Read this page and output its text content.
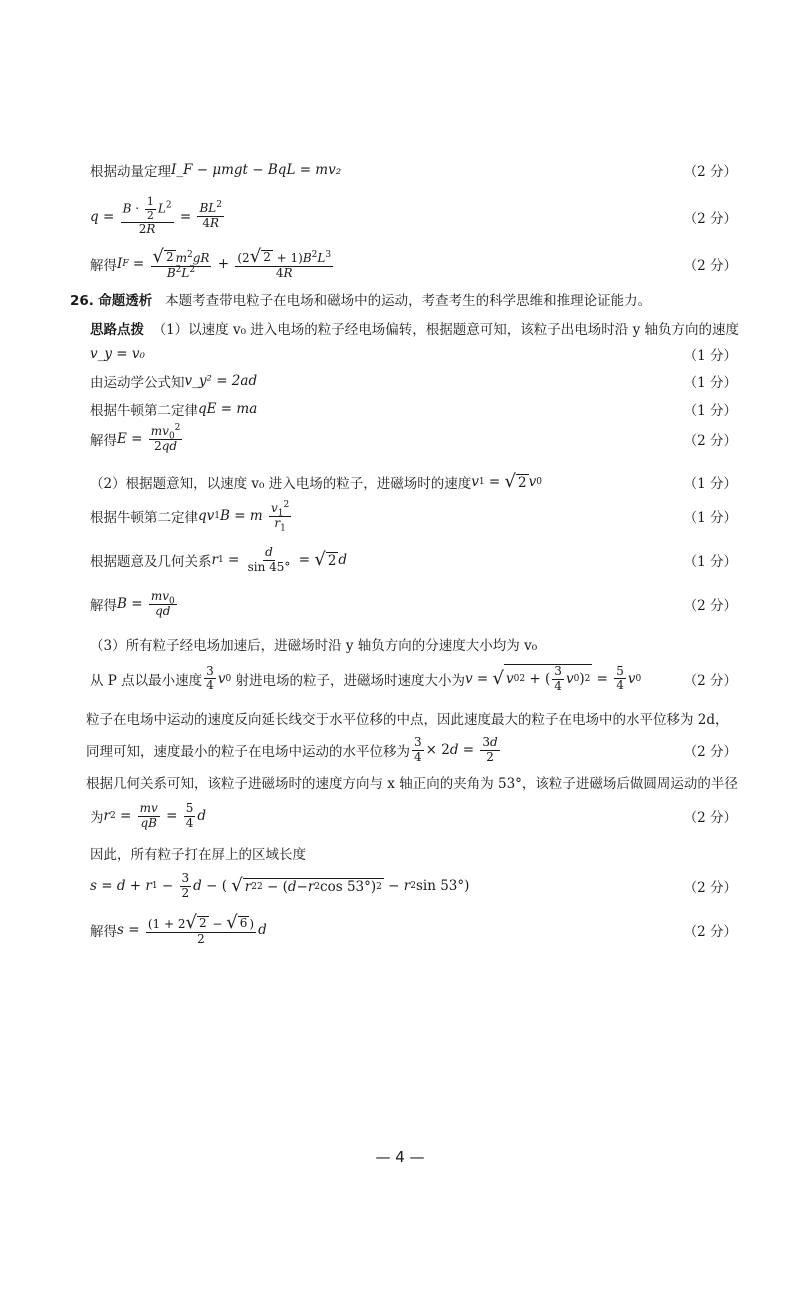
根据动量定理 I_F − μmgt − BqL = mv₂	（2 分）
$q = \frac{B \cdot \frac{1}{2} L^2}{2R} = \frac{BL^2}{4R}$	（2 分）
解得 I $F = \frac{√ 2 m^2gR}{B^2L^2} + \frac{(2 √ 2 + 1)B^2L^3}{4R}$	（2 分）
26. 命题透析 本题考查带电粒子在电场和磁场中的运动，考查考生的科学思维和推理论证能力。
思路点拨
（1）以速度 v₀ 进入电场的粒子经电场偏转，根据题意可知，该粒子出电场时沿 y 轴负方向的速度
v_y = v₀	（1 分）
由运动学公式知 v_y² = 2ad	（1 分）
根据牛顿第二定律 qE = ma	（1 分）
解得 $E = \frac{mv_0^2}{2qd}$	（2 分）
（2）根据题意知，以速度 v₀ 进入电场的粒子，进磁场时的速度 v 1 = √ 2 v 0	（1 分）
根据牛顿第二定律 qv 1 B = m
$\frac{v_1^2}{r_1}$	（1 分）
根据题意及几何关系 r $1 = \frac{d}{\sin 45^\circ}$ = √ 2 d	（1 分）
解得 $B = \frac{mv_0}{qd}$	（2 分）
（3）所有粒子经电场加速后，进磁场时沿 y 轴负方向的分速度大小均为 v₀
从 P 点以最小速度 $\frac{3}{4}$ v 0
射进电场的粒子，进磁场时速度大小为 v = √ v 0 2 + ( $\frac{3}{4}$ v 0 ) $2 = \frac{5}{4}$ v 0	（2 分）
粒子在电场中运动的速度反向延长线交于水平位移的中点，因此速度最大的粒子在电场中的水平位移为 2d，
同理可知，速度最小的粒子在电场中运动的水平位移为 $\frac{3}{4} \times 2$ $d = \frac{3d}{2}$	（2 分）
根据几何关系可知，该粒子进磁场时的速度方向与 x 轴正向的夹角为 53°，该粒子进磁场后做圆周运动的半径
为 r $2 = \frac{mv}{qB} = \frac{5}{4}$ d	（2 分）
因此，所有粒子打在屏上的区域长度
s = d + r $1 - \frac{3}{2}$ d − ( √ r 2 2 − ( d − r 2 cos 53°) 2 − r 2 sin 53°)	（2 分）
解得 $s = \frac{(1 + 2 √ 2 - √ 6 )}{2}$ d	（2 分）
— 4 —
